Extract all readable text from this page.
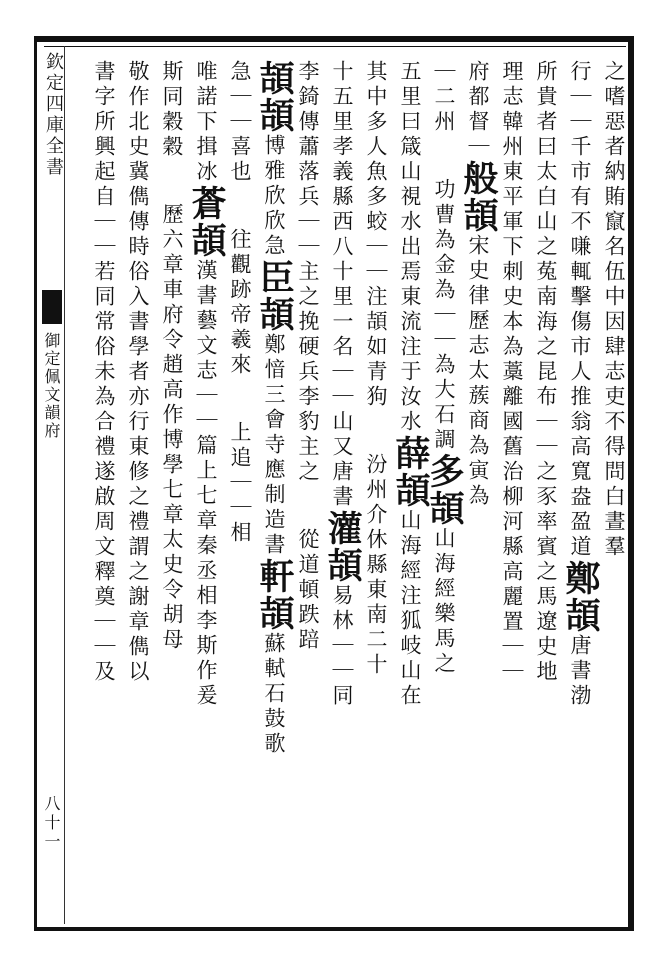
欽定四庫全書
御定佩文韻府
八十一
之嗜惡者納賄竄名伍中因肆志吏不得問白晝羣
行｜｜千市有不嗛輒擊傷市人推翁高寬盎盈道鄭頡唐書渤
所貴者曰太白山之菟南海之昆布｜｜之豕率賓之馬遼史地
理志韓州東平軍下刺史本為藁離國舊治柳河縣高麗置｜｜
府都督｜般頡宋史律歷志太蔟商為寅為
｜二州 功曹為金為｜｜為大石調多頡山海經樂馬之
五里曰箴山視水出焉東流注于汝水薛頡山海經注狐岐山在
其中多人魚多蛟｜｜注頡如青狗 汾州介休縣東南二十
十五里孝義縣西八十里一名｜｜山又唐書灌頡易林｜｜同
李錡傳蕭落兵｜｜主之挽硬兵李豹主之 從道頓跌踣
頡頡博雅欣欣急臣頡鄭愔三會寺應制造書軒頡蘇軾石鼓歌
急｜｜喜也 往觀跡帝羲來 上追｜｜相
唯諾下揖冰蒼頡漢書藝文志｜｜篇上七章秦丞相李斯作爰
斯同穀穀 歷六章車府令趙高作博學七章太史令胡母
敬作北史冀儁傳時俗入書學者亦行東修之禮謂之謝章儁以
書字所興起自｜｜若同常俗未為合禮遂啟周文釋奠｜｜及
